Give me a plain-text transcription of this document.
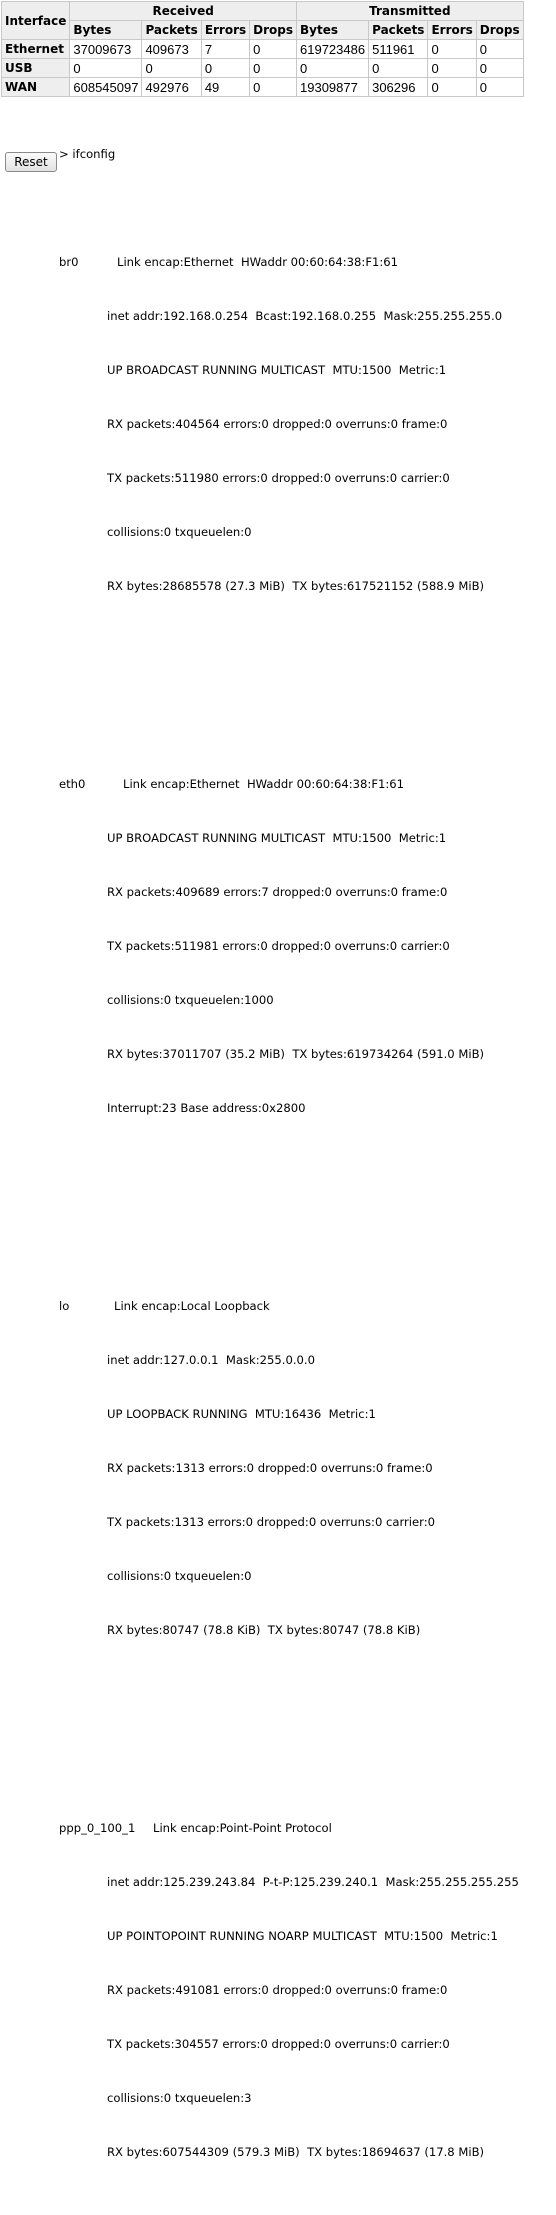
Interface	Received				Transmitted			
	Bytes	Packets	Errors	Drops	Bytes	Packets	Errors	Drops
Ethernet	37009673	409673	7	0	619723486	511961	0	0
USB	0	0	0	0	0	0	0	0
WAN	608545097	492976	49	0	19309877	306296	0	0
Reset

> ifconfig

br0	Link encap:Ethernet  HWaddr 00:60:64:38:F1:61

inet addr:192.168.0.254  Bcast:192.168.0.255  Mask:255.255.255.0

UP BROADCAST RUNNING MULTICAST  MTU:1500  Metric:1

RX packets:404564 errors:0 dropped:0 overruns:0 frame:0

TX packets:511980 errors:0 dropped:0 overruns:0 carrier:0

collisions:0 txqueuelen:0

RX bytes:28685578 (27.3 MiB)  TX bytes:617521152 (588.9 MiB)

eth0	Link encap:Ethernet  HWaddr 00:60:64:38:F1:61

UP BROADCAST RUNNING MULTICAST  MTU:1500  Metric:1

RX packets:409689 errors:7 dropped:0 overruns:0 frame:0

TX packets:511981 errors:0 dropped:0 overruns:0 carrier:0

collisions:0 txqueuelen:1000

RX bytes:37011707 (35.2 MiB)  TX bytes:619734264 (591.0 MiB)

Interrupt:23 Base address:0x2800

lo	Link encap:Local Loopback

inet addr:127.0.0.1  Mask:255.0.0.0

UP LOOPBACK RUNNING  MTU:16436  Metric:1

RX packets:1313 errors:0 dropped:0 overruns:0 frame:0

TX packets:1313 errors:0 dropped:0 overruns:0 carrier:0

collisions:0 txqueuelen:0

RX bytes:80747 (78.8 KiB)  TX bytes:80747 (78.8 KiB)

ppp_0_100_1 Link encap:Point-Point Protocol

inet addr:125.239.243.84  P-t-P:125.239.240.1  Mask:255.255.255.255

UP POINTOPOINT RUNNING NOARP MULTICAST  MTU:1500  Metric:1

RX packets:491081 errors:0 dropped:0 overruns:0 frame:0

TX packets:304557 errors:0 dropped:0 overruns:0 carrier:0

collisions:0 txqueuelen:3

RX bytes:607544309 (579.3 MiB)  TX bytes:18694637 (17.8 MiB)
